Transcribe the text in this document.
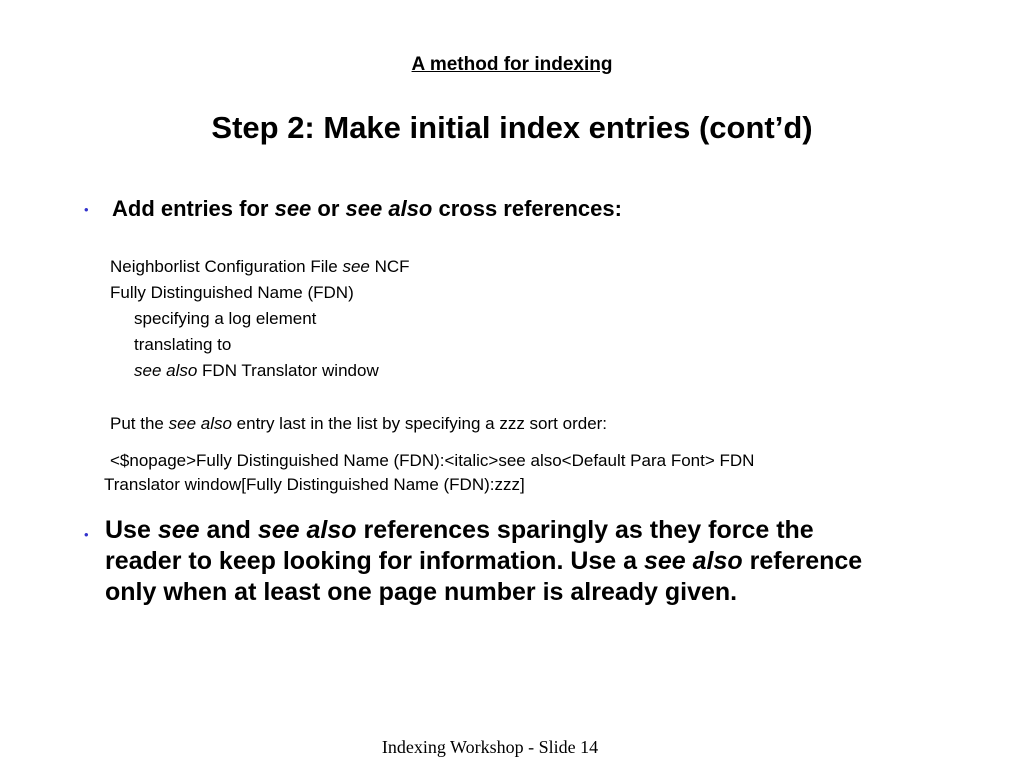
A method for indexing
Step 2: Make initial index entries (cont’d)
• Add entries for see or see also cross references:
Neighborlist Configuration File see NCF
Fully Distinguished Name (FDN)
specifying a log element
translating to
see also FDN Translator window
Put the see also entry last in the list by specifying a zzz sort order:
<$nopage>Fully Distinguished Name (FDN):<italic>see also<Default Para Font> FDN
Translator window[Fully Distinguished Name (FDN):zzz]
• Use see and see also references sparingly as they force the reader to keep looking for information. Use a see also reference only when at least one page number is already given.
Indexing Workshop - Slide 14
